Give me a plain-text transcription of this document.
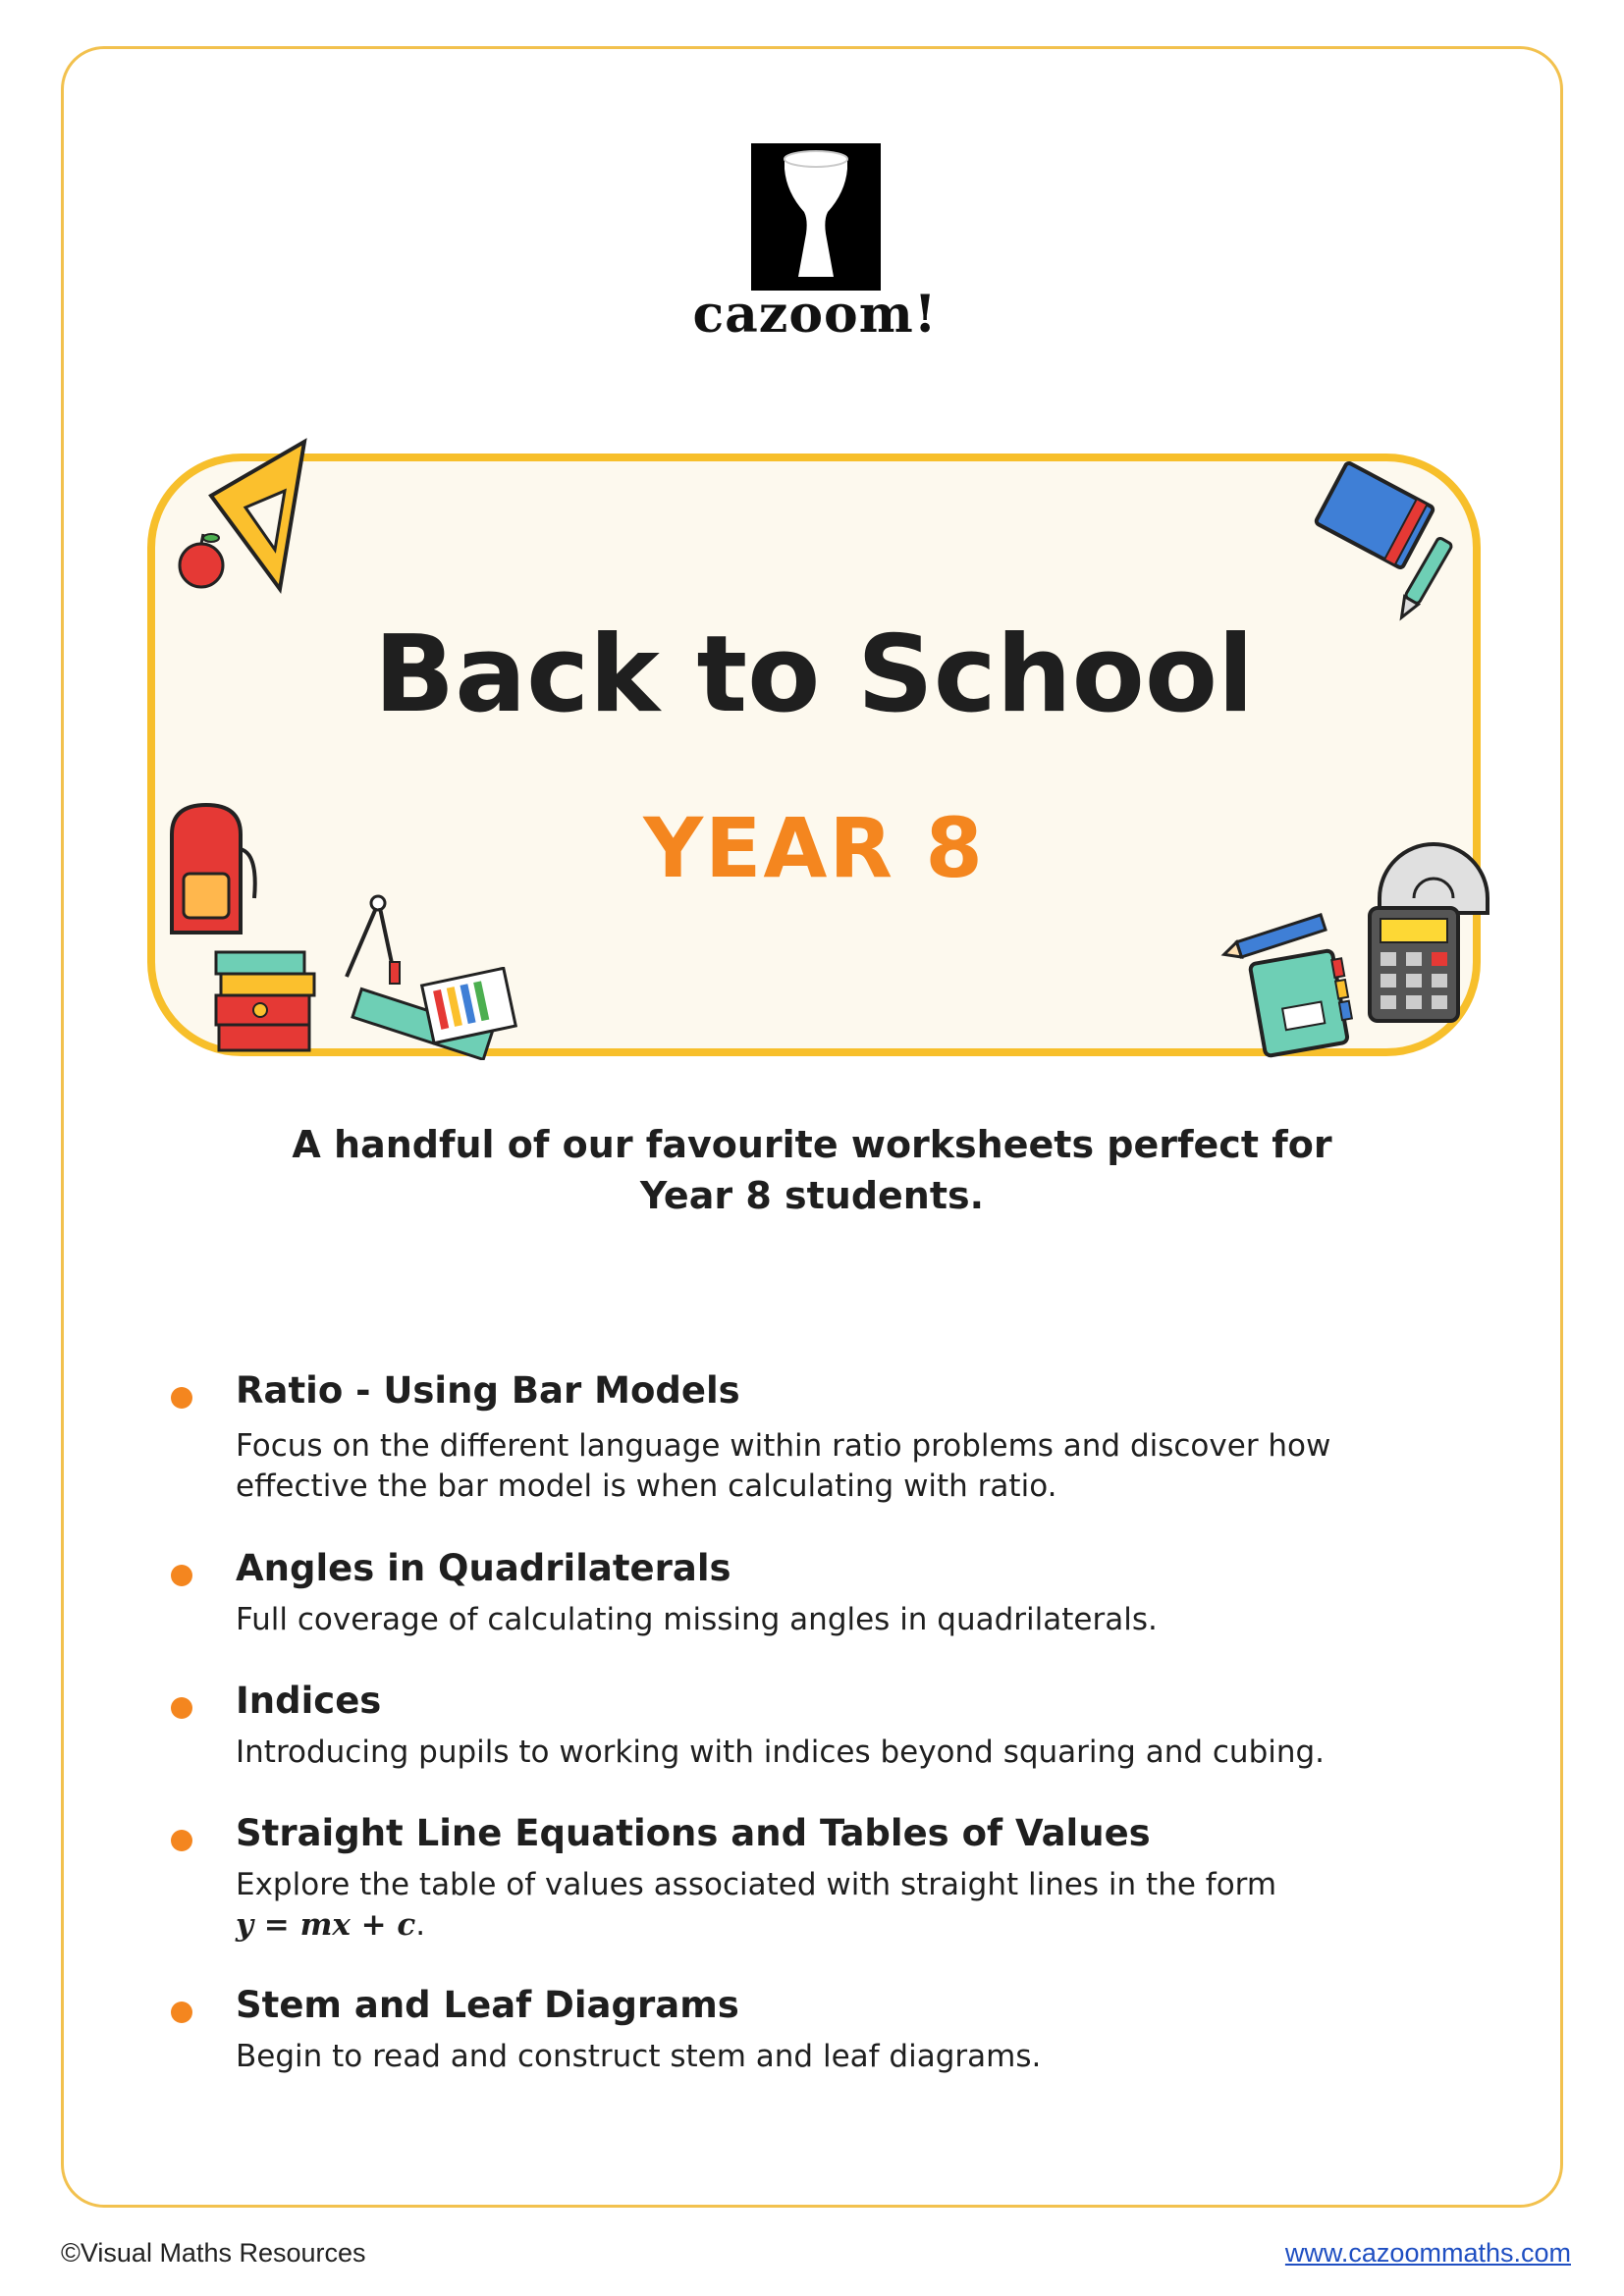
cazoom!
Back to School
YEAR 8
A handful of our favourite worksheets perfect for
Year 8 students.
Ratio - Using Bar Models
Focus on the different language within ratio problems and discover how
effective the bar model is when calculating with ratio.
Angles in Quadrilaterals
Full coverage of calculating missing angles in quadrilaterals.
Indices
Introducing pupils to working with indices beyond squaring and cubing.
Straight Line Equations and Tables of Values
Explore the table of values associated with straight lines in the form
y = mx + c.
Stem and Leaf Diagrams
Begin to read and construct stem and leaf diagrams.
©Visual Maths Resources	www.cazoommaths.com
